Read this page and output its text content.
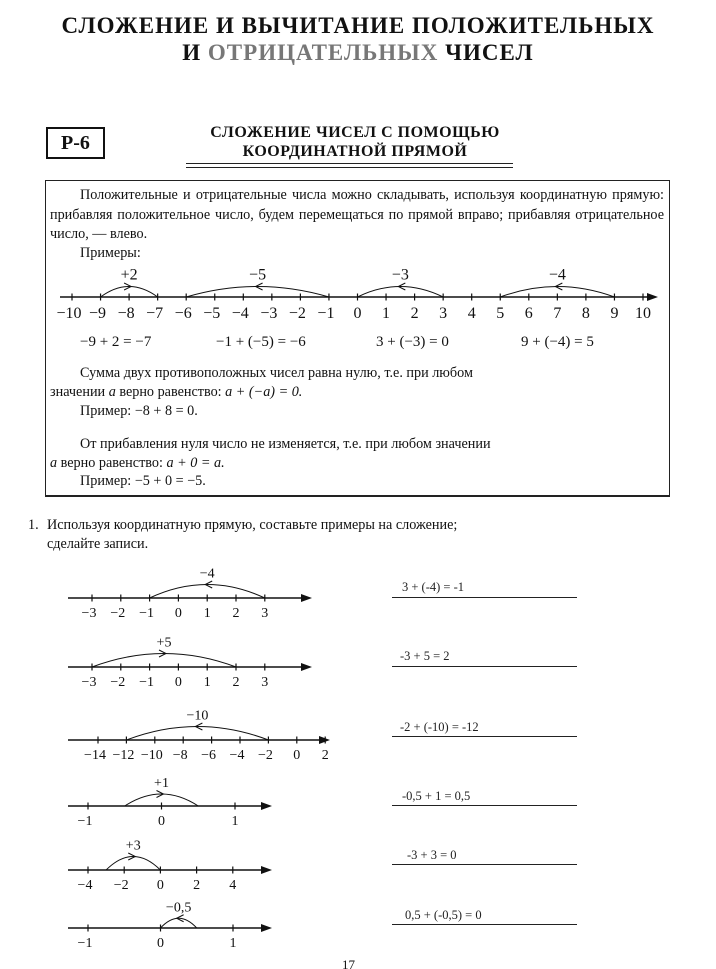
СЛОЖЕНИЕ И ВЫЧИТАНИЕ ПОЛОЖИТЕЛЬНЫХ
И ОТРИЦАТЕЛЬНЫХ ЧИСЕЛ
Р-6	СЛОЖЕНИЕ ЧИСЕЛ С ПОМОЩЬЮ
КООРДИНАТНОЙ ПРЯМОЙ
Положительные и отрицательные числа можно складывать, используя координатную прямую: прибавляя положительное число, будем перемещаться по прямой вправо; прибавляя отрицательное число, — влево.
Примеры:
−10 −9 −8 −7 −6 −5 −4 −3 −2 −1 0 1 2 3 4 5 6 7 8 9 10
+2	−5	−3	−4
−9 + 2 = −7	−1 + (−5) = −6	3 + (−3) = 0	9 + (−4) = 5
Сумма двух противоположных чисел равна нулю, т.е. при любом
значении a верно равенство: a + (−a) = 0.
Пример: −8 + 8 = 0.
От прибавления нуля число не изменяется, т.е. при любом значении
a верно равенство: a + 0 = a.
Пример: −5 + 0 = −5.
1. Используя координатную прямую, составьте примеры на сложение;
сделайте записи.
−3 −2 −1 0 1 2 3
−4
−3 −2 −1 0 1 2 3
+5
−14 −12 −10 −8 −6 −4 −2 0 2
−10
−1	0	1
+1
−4 −2 0 2 4
+3
−1	0	1
−0,5
3 + (-4) = -1
-3 + 5 = 2
-2 + (-10) = -12
-0,5 + 1 = 0,5
-3 + 3 = 0
0,5 + (-0,5) = 0
17
